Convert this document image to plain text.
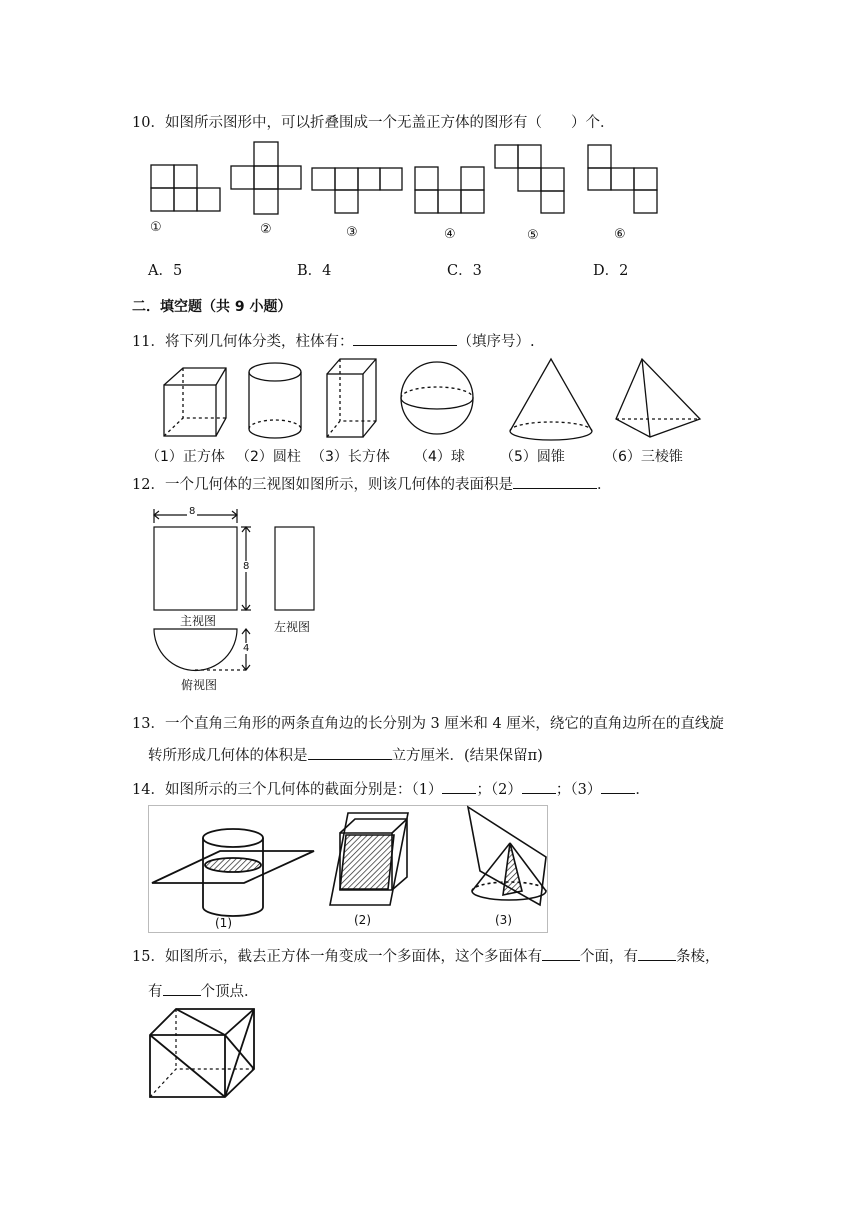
10．如图所示图形中，可以折叠围成一个无盖正方体的图形有（　　）个．
①	②	③	④	⑤	⑥
A．5	B．4	C．3	D．2
二．填空题（共 9 小题）
11．将下列几何体分类，柱体有：	（填序号）.
（1）正方体 （2）圆柱 （3）长方体 （4）球	（5）圆锥	（6）三棱锥
12．一个几何体的三视图如图所示，则该几何体的表面积是	．
8
8
4
主视图	左视图
俯视图
13．一个直角三角形的两条直角边的长分别为 3 厘米和 4 厘米，绕它的直角边所在的直线旋
转所形成几何体的体积是	立方厘米．(结果保留π)
14．如图所示的三个几何体的截面分别是：（1） ；（2） ；（3） ．
(1)	(2)	(3)
15．如图所示，截去正方体一角变成一个多面体，这个多面体有	个面，有	条棱，
有	个顶点．
